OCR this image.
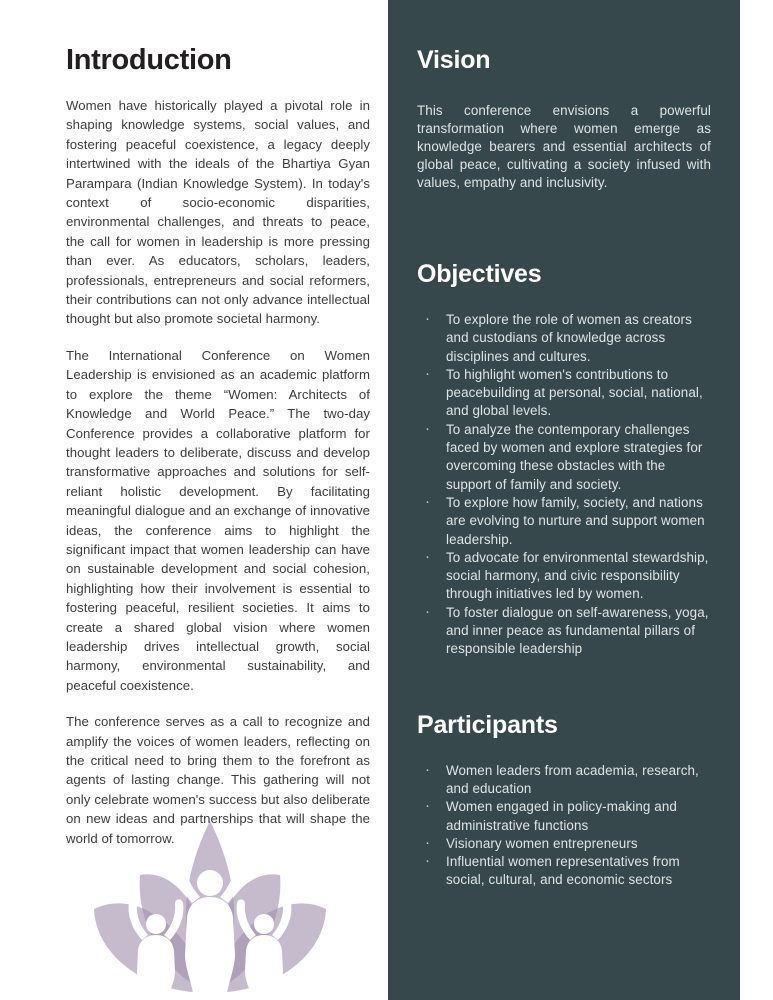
Introduction

Women have historically played a pivotal role in shaping knowledge systems, social values, and fostering peaceful coexistence, a legacy deeply intertwined with the ideals of the Bhartiya Gyan Parampara (Indian Knowledge System). In today's context of socio-economic disparities, environmental challenges, and threats to peace, the call for women in leadership is more pressing than ever. As educators, scholars, leaders, professionals, entrepreneurs and social reformers, their contributions can not only advance intellectual thought but also promote societal harmony.

The International Conference on Women Leadership is envisioned as an academic platform to explore the theme “Women: Architects of Knowledge and World Peace.” The two-day Conference provides a collaborative platform for thought leaders to deliberate, discuss and develop transformative approaches and solutions for self-reliant holistic development. By facilitating meaningful dialogue and an exchange of innovative ideas, the conference aims to highlight the significant impact that women leadership can have on sustainable development and social cohesion, highlighting how their involvement is essential to fostering peaceful, resilient societies. It aims to create a shared global vision where women leadership drives intellectual growth, social harmony, environmental sustainability, and peaceful coexistence.

The conference serves as a call to recognize and amplify the voices of women leaders, reflecting on the critical need to bring them to the forefront as agents of lasting change. This gathering will not only celebrate women's success but also deliberate on new ideas and partnerships that will shape the world of tomorrow.

Vision

This conference envisions a powerful transformation where women emerge as knowledge bearers and essential architects of global peace, cultivating a society infused with values, empathy and inclusivity.

Objectives
· To explore the role of women as creators and custodians of knowledge across disciplines and cultures.
· To highlight women's contributions to peacebuilding at personal, social, national, and global levels.
· To analyze the contemporary challenges faced by women and explore strategies for overcoming these obstacles with the support of family and society.
· To explore how family, society, and nations are evolving to nurture and support women leadership.
· To advocate for environmental stewardship, social harmony, and civic responsibility through initiatives led by women.
· To foster dialogue on self-awareness, yoga, and inner peace as fundamental pillars of responsible leadership
Participants
· Women leaders from academia, research, and education
· Women engaged in policy-making and administrative functions
· Visionary women entrepreneurs
· Influential women representatives from social, cultural, and economic sectors
